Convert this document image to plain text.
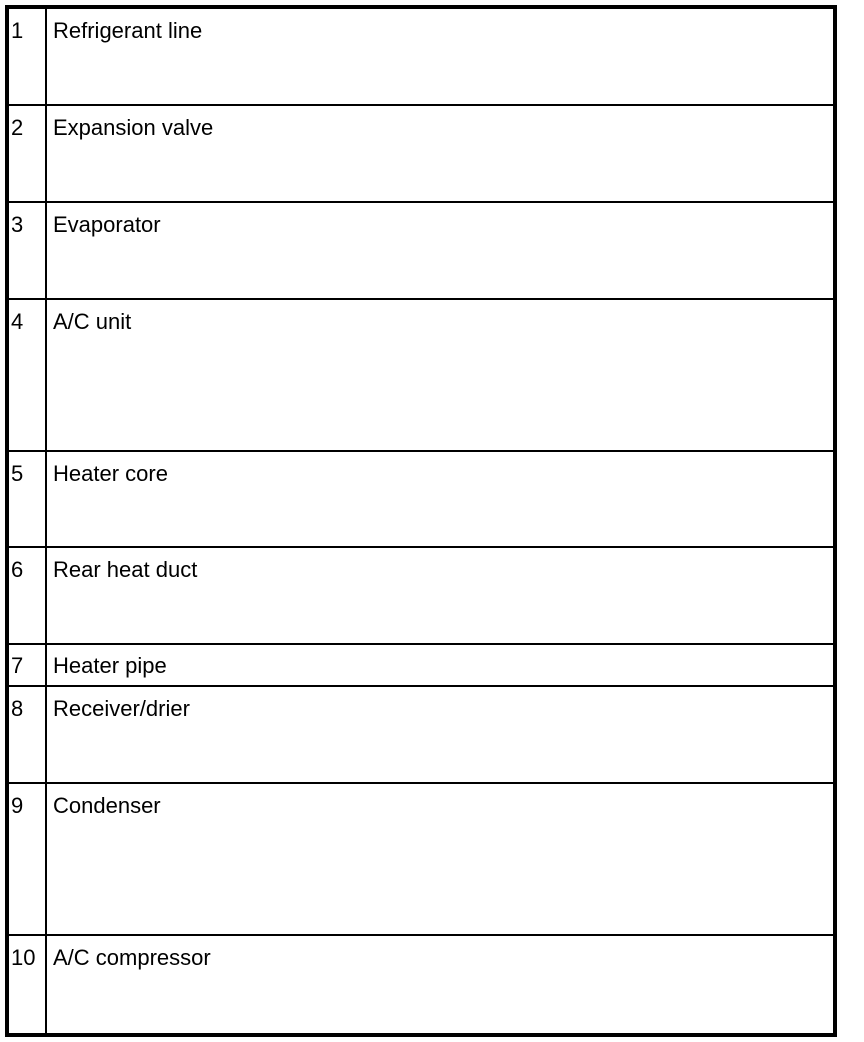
1	Refrigerant line
2	Expansion valve
3	Evaporator
4	A/C unit
5	Heater core
6	Rear heat duct
7	Heater pipe
8	Receiver/drier
9	Condenser
10 A/C compressor
